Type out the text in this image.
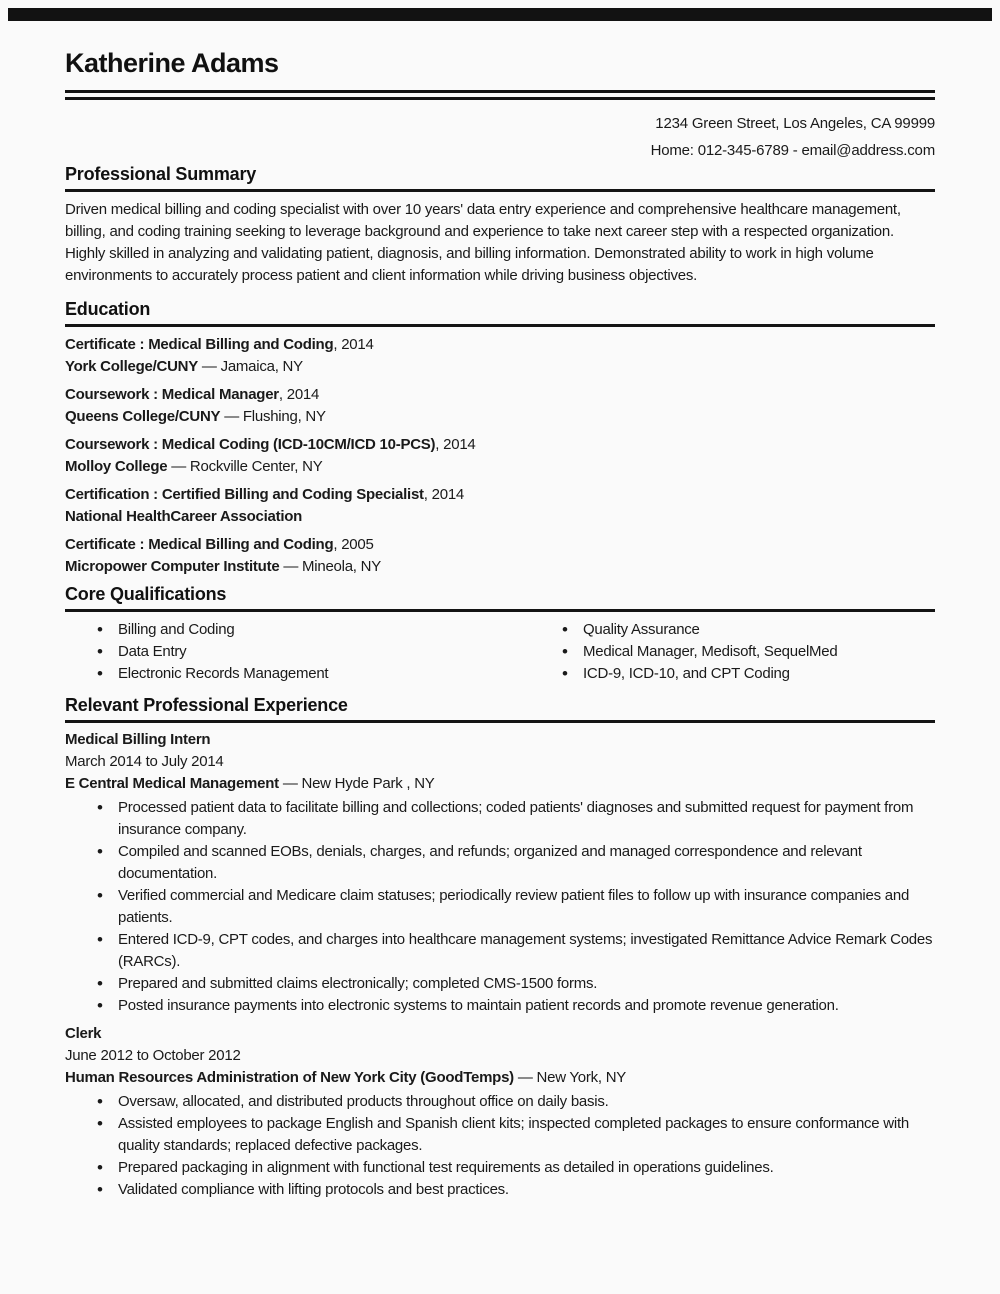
Katherine Adams
1234 Green Street, Los Angeles, CA 99999
Home: 012-345-6789 - email@address.com
Professional Summary

Driven medical billing and coding specialist with over 10 years' data entry experience and comprehensive healthcare management, billing, and coding training seeking to leverage background and experience to take next career step with a respected organization. Highly skilled in analyzing and validating patient, diagnosis, and billing information. Demonstrated ability to work in high volume environments to accurately process patient and client information while driving business objectives.

Education
Certificate : Medical Billing and Coding, 2014
York College/CUNY — Jamaica, NY
Coursework : Medical Manager, 2014
Queens College/CUNY — Flushing, NY
Coursework : Medical Coding (ICD-10CM/ICD 10-PCS), 2014
Molloy College — Rockville Center, NY
Certification : Certified Billing and Coding Specialist, 2014
National HealthCareer Association
Certificate : Medical Billing and Coding, 2005
Micropower Computer Institute — Mineola, NY
Core Qualifications
• Billing and Coding
• Data Entry
• Electronic Records Management
• Quality Assurance
• Medical Manager, Medisoft, SequelMed
• ICD-9, ICD-10, and CPT Coding
Relevant Professional Experience
Medical Billing Intern
March 2014 to July 2014
E Central Medical Management — New Hyde Park , NY
• Processed patient data to facilitate billing and collections; coded patients' diagnoses and submitted request for payment from insurance company.
• Compiled and scanned EOBs, denials, charges, and refunds; organized and managed correspondence and relevant documentation.
• Verified commercial and Medicare claim statuses; periodically review patient files to follow up with insurance companies and patients.
• Entered ICD-9, CPT codes, and charges into healthcare management systems; investigated Remittance Advice Remark Codes (RARCs).
• Prepared and submitted claims electronically; completed CMS-1500 forms.
• Posted insurance payments into electronic systems to maintain patient records and promote revenue generation.
Clerk
June 2012 to October 2012
Human Resources Administration of New York City (GoodTemps) — New York, NY
• Oversaw, allocated, and distributed products throughout office on daily basis.
• Assisted employees to package English and Spanish client kits; inspected completed packages to ensure conformance with quality standards; replaced defective packages.
• Prepared packaging in alignment with functional test requirements as detailed in operations guidelines.
• Validated compliance with lifting protocols and best practices.
